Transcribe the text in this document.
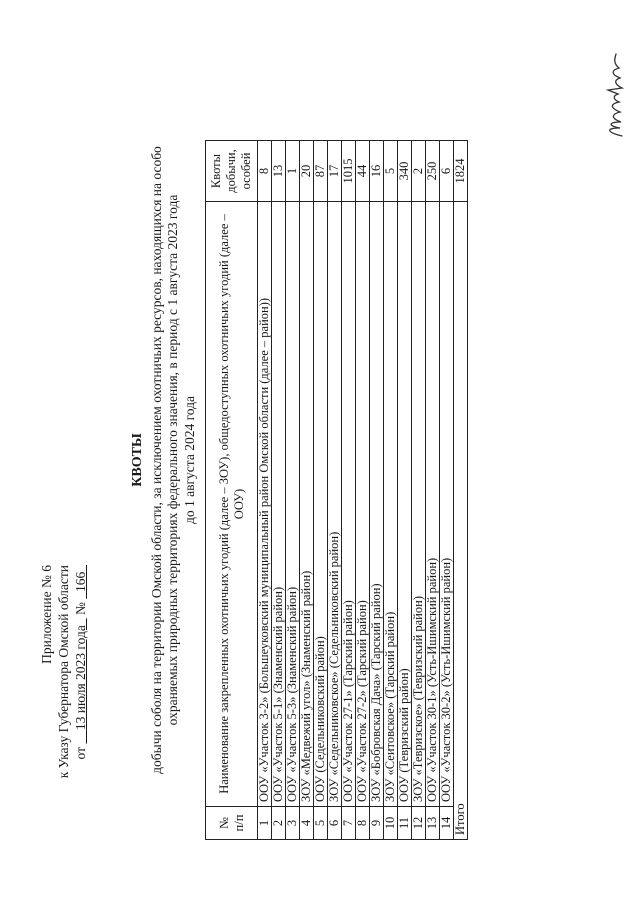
Приложение № 6 к Указу Губернатора Омской области от     13 июля 2023 года   №   166
КВОТЫ добычи соболя на территории Омской области, за исключением охотничьих ресурсов, находящихся на особо охраняемых природных территориях федерального значения, в период с 1 августа 2023 года до 1 августа 2024 года
№ п/п	Наименование закрепленных охотничьих угодий (далее – ЗОУ), общедоступных охотничьих угодий (далее – ООУ)	Квоты добычи, особей
1	ООУ «Участок 3-2» (Большеуковский муниципальный район Омской области (далее – район))	8
2	ООУ «Участок 5-1» (Знаменский район)	13
3	ООУ «Участок 5-3» (Знаменский район)	1
4	ЗОУ «Медвежий угол» (Знаменский район)	20
5	ООУ (Седельниковский район)	87
6	ЗОУ «Седельниковское» (Седельниковский район)	17
7	ООУ «Участок 27-1» (Тарский район)	1015
8	ООУ «Участок 27-2» (Тарский район)	44
9	ЗОУ «Бобровская Дача» (Тарский район)	16
10	ЗОУ «Сеитовское» (Тарский район)	5
11	ООУ (Тевризский район)	340
12	ЗОУ «Тевризское» (Тевризский район)	2
13	ООУ «Участок 30-1» (Усть-Ишимский район)	250
14	ООУ «Участок 30-2» (Усть-Ишимский район)	6
Итого		1824
